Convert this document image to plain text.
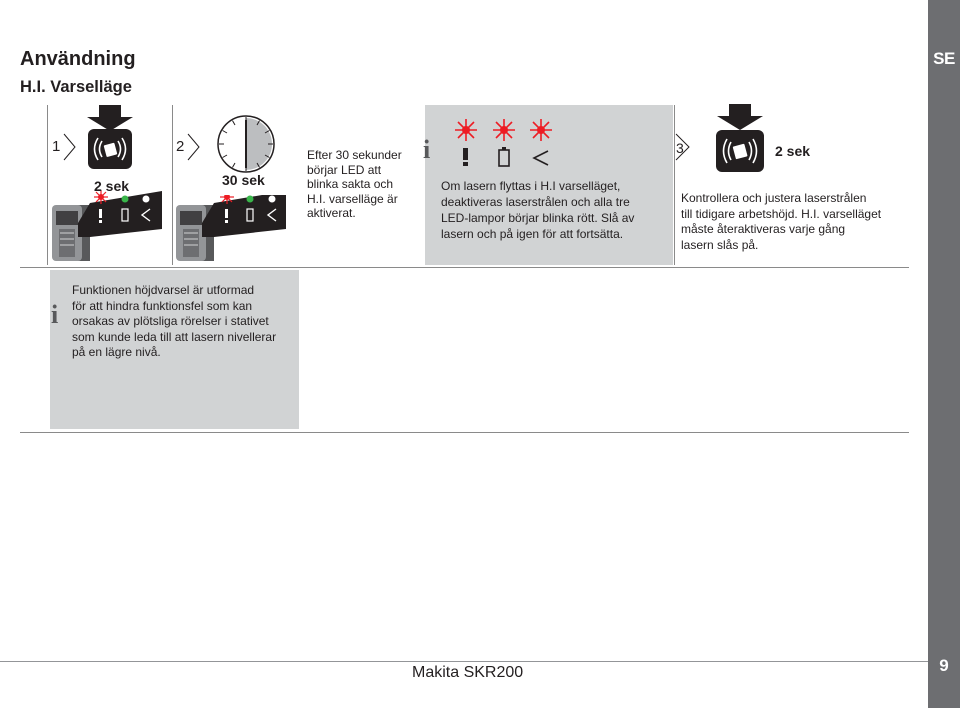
SE
9
Användning
H.I. Varselläge
1
2 sek
2
30 sek
Efter 30 sekunder
börjar LED att
blinka sakta och
H.I. varselläge är
aktiverat.
i
Om lasern flyttas i H.I varselläget,
deaktiveras laserstrålen och alla tre
LED-lampor börjar blinka rött. Slå av
lasern och på igen för att fortsätta.
3	2 sek
Kontrollera och justera laserstrålen
till tidigare arbetshöjd. H.I. varselläget
måste återaktiveras varje gång
lasern slås på.
i
Funktionen höjdvarsel är utformad
för att hindra funktionsfel som kan
orsakas av plötsliga rörelser i stativet
som kunde leda till att lasern nivellerar
på en lägre nivå.
Makita SKR200
